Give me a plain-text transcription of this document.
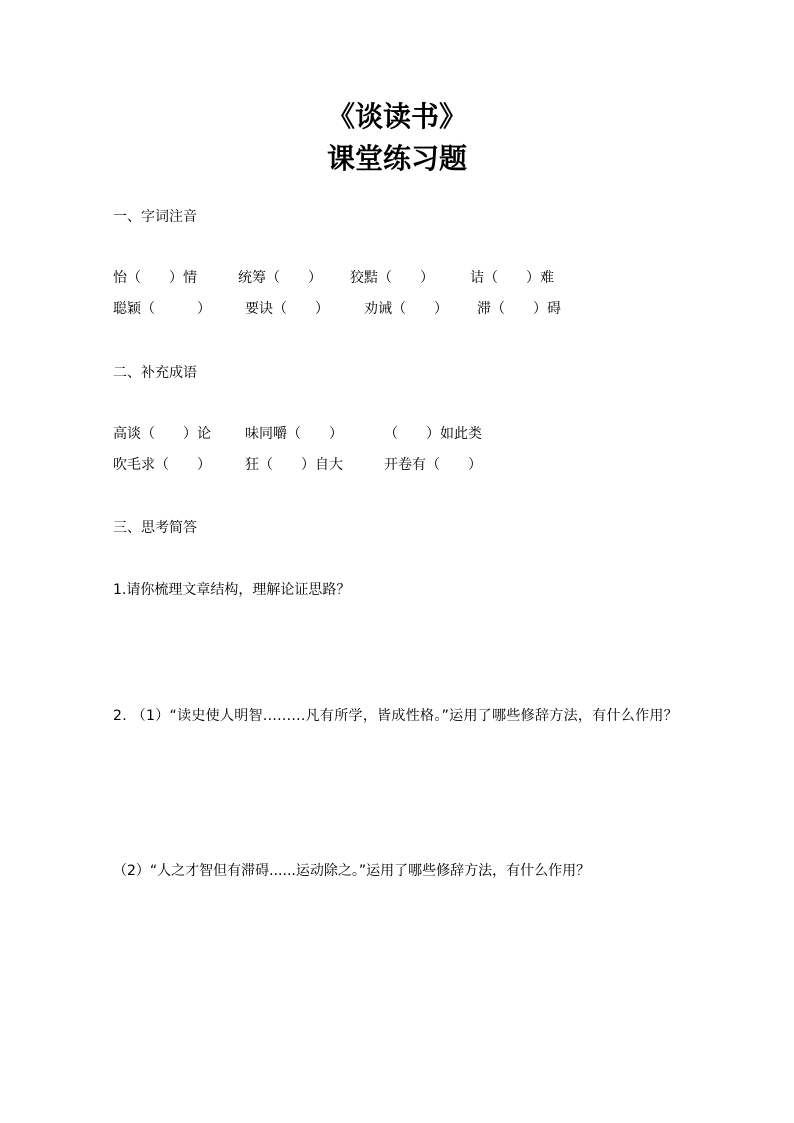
《谈读书》
课堂练习题
一、字词注音
怡（　　）情	统筹（　　） 狡黠（　　）	诘（　　）难
聪颖（　　　） 要诀（　　）	劝诫（　　） 滞（　　）碍
二、补充成语
高谈（　　）论 味同嚼（　　）	（　　）如此类
吹毛求（　　） 狂（　　）自大	开卷有（　　）
三、思考简答
1.请你梳理文章结构，理解论证思路？
2. （1）“读史使人明智.........凡有所学，皆成性格。”运用了哪些修辞方法，有什么作用？
（2）“人之才智但有滞碍......运动除之。”运用了哪些修辞方法，有什么作用？
